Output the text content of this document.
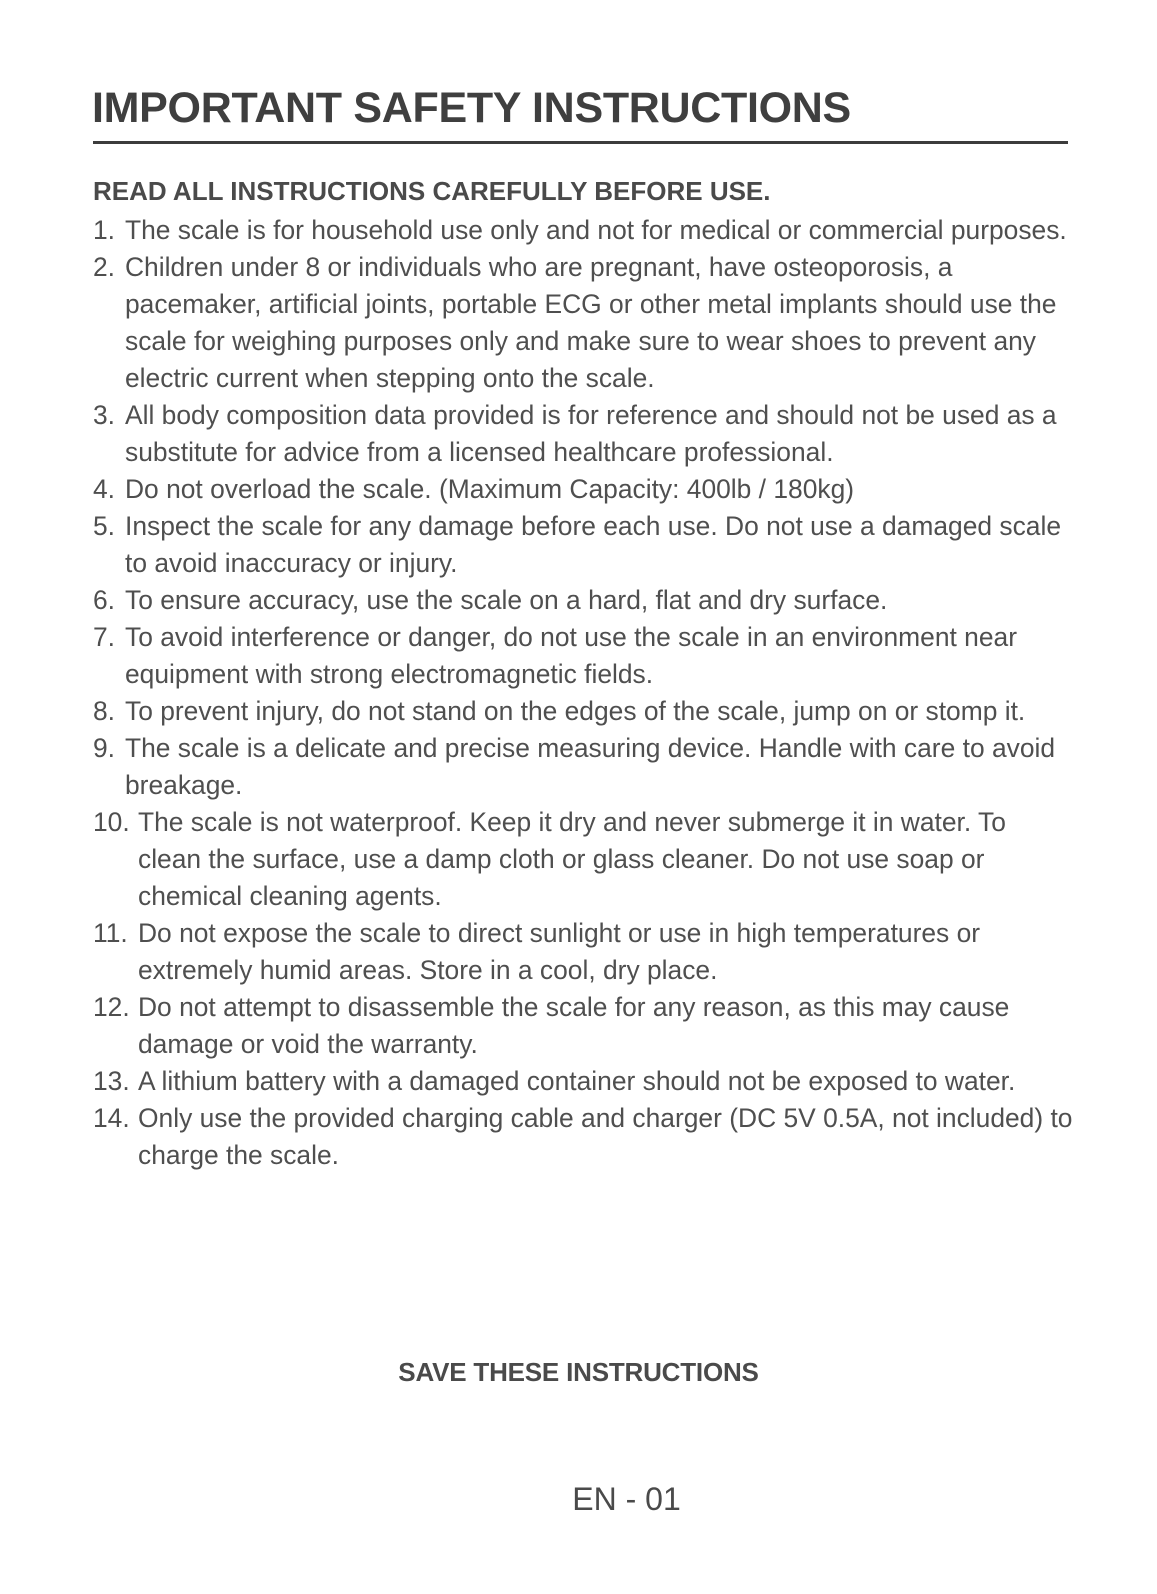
IMPORTANT SAFETY INSTRUCTIONS

READ ALL INSTRUCTIONS CAREFULLY BEFORE USE.

1. The scale is for household use only and not for medical or commercial purposes.
2. Children under 8 or individuals who are pregnant, have osteoporosis, a pacemaker, artificial joints, portable ECG or other metal implants should use the scale for weighing purposes only and make sure to wear shoes to prevent any electric current when stepping onto the scale.
3. All body composition data provided is for reference and should not be used as a substitute for advice from a licensed healthcare professional.
4. Do not overload the scale. (Maximum Capacity: 400lb / 180kg)
5. Inspect the scale for any damage before each use. Do not use a damaged scale to avoid inaccuracy or injury.
6. To ensure accuracy, use the scale on a hard, flat and dry surface.
7. To avoid interference or danger, do not use the scale in an environment near equipment with strong electromagnetic fields.
8. To prevent injury, do not stand on the edges of the scale, jump on or stomp it.
9. The scale is a delicate and precise measuring device. Handle with care to avoid breakage.
10. The scale is not waterproof. Keep it dry and never submerge it in water. To clean the surface, use a damp cloth or glass cleaner. Do not use soap or chemical cleaning agents.
11. Do not expose the scale to direct sunlight or use in high temperatures or extremely humid areas. Store in a cool, dry place.
12. Do not attempt to disassemble the scale for any reason, as this may cause damage or void the warranty.
13. A lithium battery with a damaged container should not be exposed to water.
14. Only use the provided charging cable and charger (DC 5V 0.5A, not included) to charge the scale.

SAVE THESE INSTRUCTIONS

EN - 01
